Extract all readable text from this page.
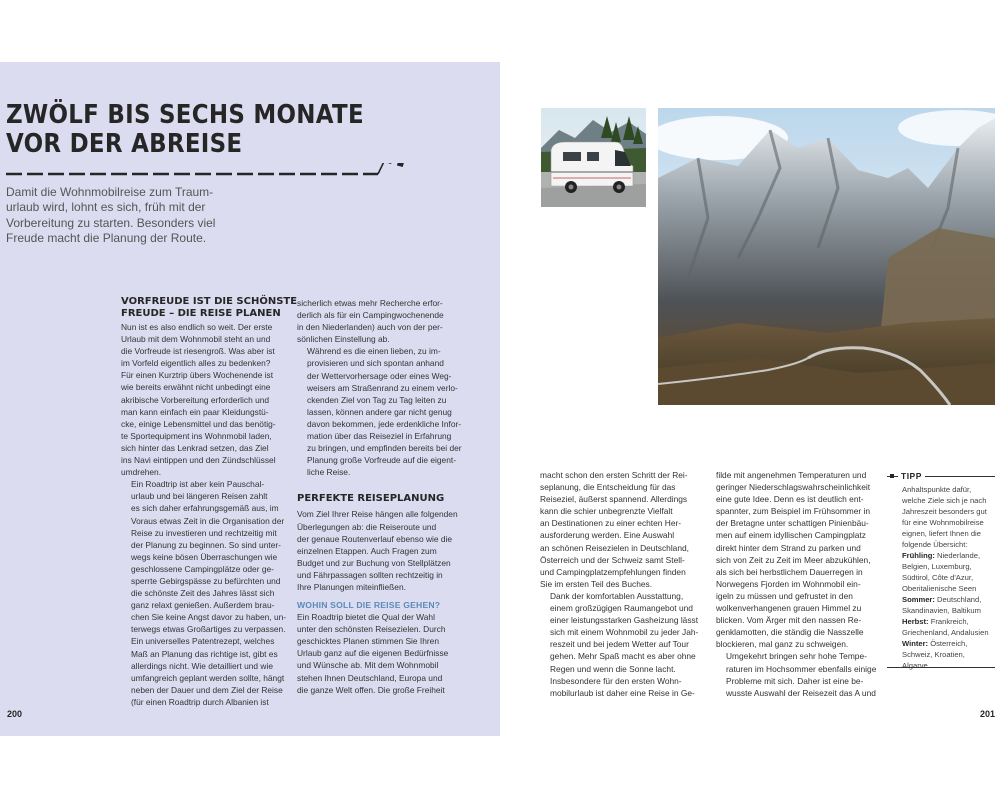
ZWÖLF BIS SECHS MONATE
VOR DER ABREISE
Damit die Wohnmobilreise zum Traum-
urlaub wird, lohnt es sich, früh mit der
Vorbereitung zu starten. Besonders viel
Freude macht die Planung der Route.
VORFREUDE IST DIE SCHÖNSTE
FREUDE – DIE REISE PLANEN

Nun ist es also endlich so weit. Der erste
Urlaub mit dem Wohnmobil steht an und
die Vorfreude ist riesengroß. Was aber ist
im Vorfeld eigentlich alles zu bedenken?
Für einen Kurztrip übers Wochenende ist
wie bereits erwähnt nicht unbedingt eine
akribische Vorbereitung erforderlich und
man kann einfach ein paar Kleidungstü-
cke, einige Lebensmittel und das benötig-
te Sportequipment ins Wohnmobil laden,
sich hinter das Lenkrad setzen, das Ziel
ins Navi eintippen und den Zündschlüssel
umdrehen.

Ein Roadtrip ist aber kein Pauschal-
urlaub und bei längeren Reisen zahlt
es sich daher erfahrungsgemäß aus, im
Voraus etwas Zeit in die Organisation der
Reise zu investieren und rechtzeitig mit
der Planung zu beginnen. So sind unter-
wegs keine bösen Überraschungen wie
geschlossene Campingplätze oder ge-
sperrte Gebirgspässe zu befürchten und
die schönste Zeit des Jahres lässt sich
ganz relaxt genießen. Außerdem brau-
chen Sie keine Angst davor zu haben, un-
terwegs etwas Großartiges zu verpassen.

Ein universelles Patentrezept, welches
Maß an Planung das richtige ist, gibt es
allerdings nicht. Wie detailliert und wie
umfangreich geplant werden sollte, hängt
neben der Dauer und dem Ziel der Reise
(für einen Roadtrip durch Albanien ist

sicherlich etwas mehr Recherche erfor-
derlich als für ein Campingwochenende
in den Niederlanden) auch von der per-
sönlichen Einstellung ab.

Während es die einen lieben, zu im-
provisieren und sich spontan anhand
der Wettervorhersage oder eines Weg-
weisers am Straßenrand zu einem verlo-
ckenden Ziel von Tag zu Tag leiten zu
lassen, können andere gar nicht genug
davon bekommen, jede erdenkliche Infor-
mation über das Reiseziel in Erfahrung
zu bringen, und empfinden bereits bei der
Planung große Vorfreude auf die eigent-
liche Reise.

PERFEKTE REISEPLANUNG

Vom Ziel Ihrer Reise hängen alle folgenden
Überlegungen ab: die Reiseroute und
der genaue Routenverlauf ebenso wie die
einzelnen Etappen. Auch Fragen zum
Budget und zur Buchung von Stellplätzen
und Fährpassagen sollten rechtzeitig in
Ihre Planungen miteinfließen.

WOHIN SOLL DIE REISE GEHEN?

Ein Roadtrip bietet die Qual der Wahl
unter den schönsten Reisezielen. Durch
geschicktes Planen stimmen Sie Ihren
Urlaub ganz auf die eigenen Bedürfnisse
und Wünsche ab. Mit dem Wohnmobil
stehen Ihnen Deutschland, Europa und
die ganze Welt offen. Die große Freiheit

200

macht schon den ersten Schritt der Rei-
seplanung, die Entscheidung für das
Reiseziel, äußerst spannend. Allerdings
kann die schier unbegrenzte Vielfalt
an Destinationen zu einer echten Her-
ausforderung werden. Eine Auswahl
an schönen Reisezielen in Deutschland,
Österreich und der Schweiz samt Stell-
und Campingplatzempfehlungen finden
Sie im ersten Teil des Buches.

Dank der komfortablen Ausstattung,
einem großzügigen Raumangebot und
einer leistungsstarken Gasheizung lässt
sich mit einem Wohnmobil zu jeder Jah-
reszeit und bei jedem Wetter auf Tour
gehen. Mehr Spaß macht es aber ohne
Regen und wenn die Sonne lacht.

Insbesondere für den ersten Wohn-
mobilurlaub ist daher eine Reise in Ge-

filde mit angenehmen Temperaturen und
geringer Niederschlagswahrscheinlichkeit
eine gute Idee. Denn es ist deutlich ent-
spannter, zum Beispiel im Frühsommer in
der Bretagne unter schattigen Pinienbäu-
men auf einem idyllischen Campingplatz
direkt hinter dem Strand zu parken und
sich von Zeit zu Zeit im Meer abzukühlen,
als sich bei herbstlichem Dauerregen in
Norwegens Fjorden im Wohnmobil ein-
igeln zu müssen und gefrustet in den
wolkenverhangenen grauen Himmel zu
blicken. Vom Ärger mit den nassen Re-
genklamotten, die ständig die Nasszelle
blockieren, mal ganz zu schweigen.

Umgekehrt bringen sehr hohe Tempe-
raturen im Hochsommer ebenfalls einige
Probleme mit sich. Daher ist eine be-
wusste Auswahl der Reisezeit das A und

TIPP
Anhaltspunkte dafür,
welche Ziele sich je nach
Jahreszeit besonders gut
für eine Wohnmobilreise
eignen, liefert Ihnen die
folgende Übersicht:
Frühling: Niederlande,
Belgien, Luxemburg,
Südtirol, Côte d'Azur,
Oberitalienische Seen
Sommer: Deutschland,
Skandinavien, Baltikum
Herbst: Frankreich,
Griechenland, Andalusien
Winter: Österreich,
Schweiz, Kroatien,
Algarve
201
